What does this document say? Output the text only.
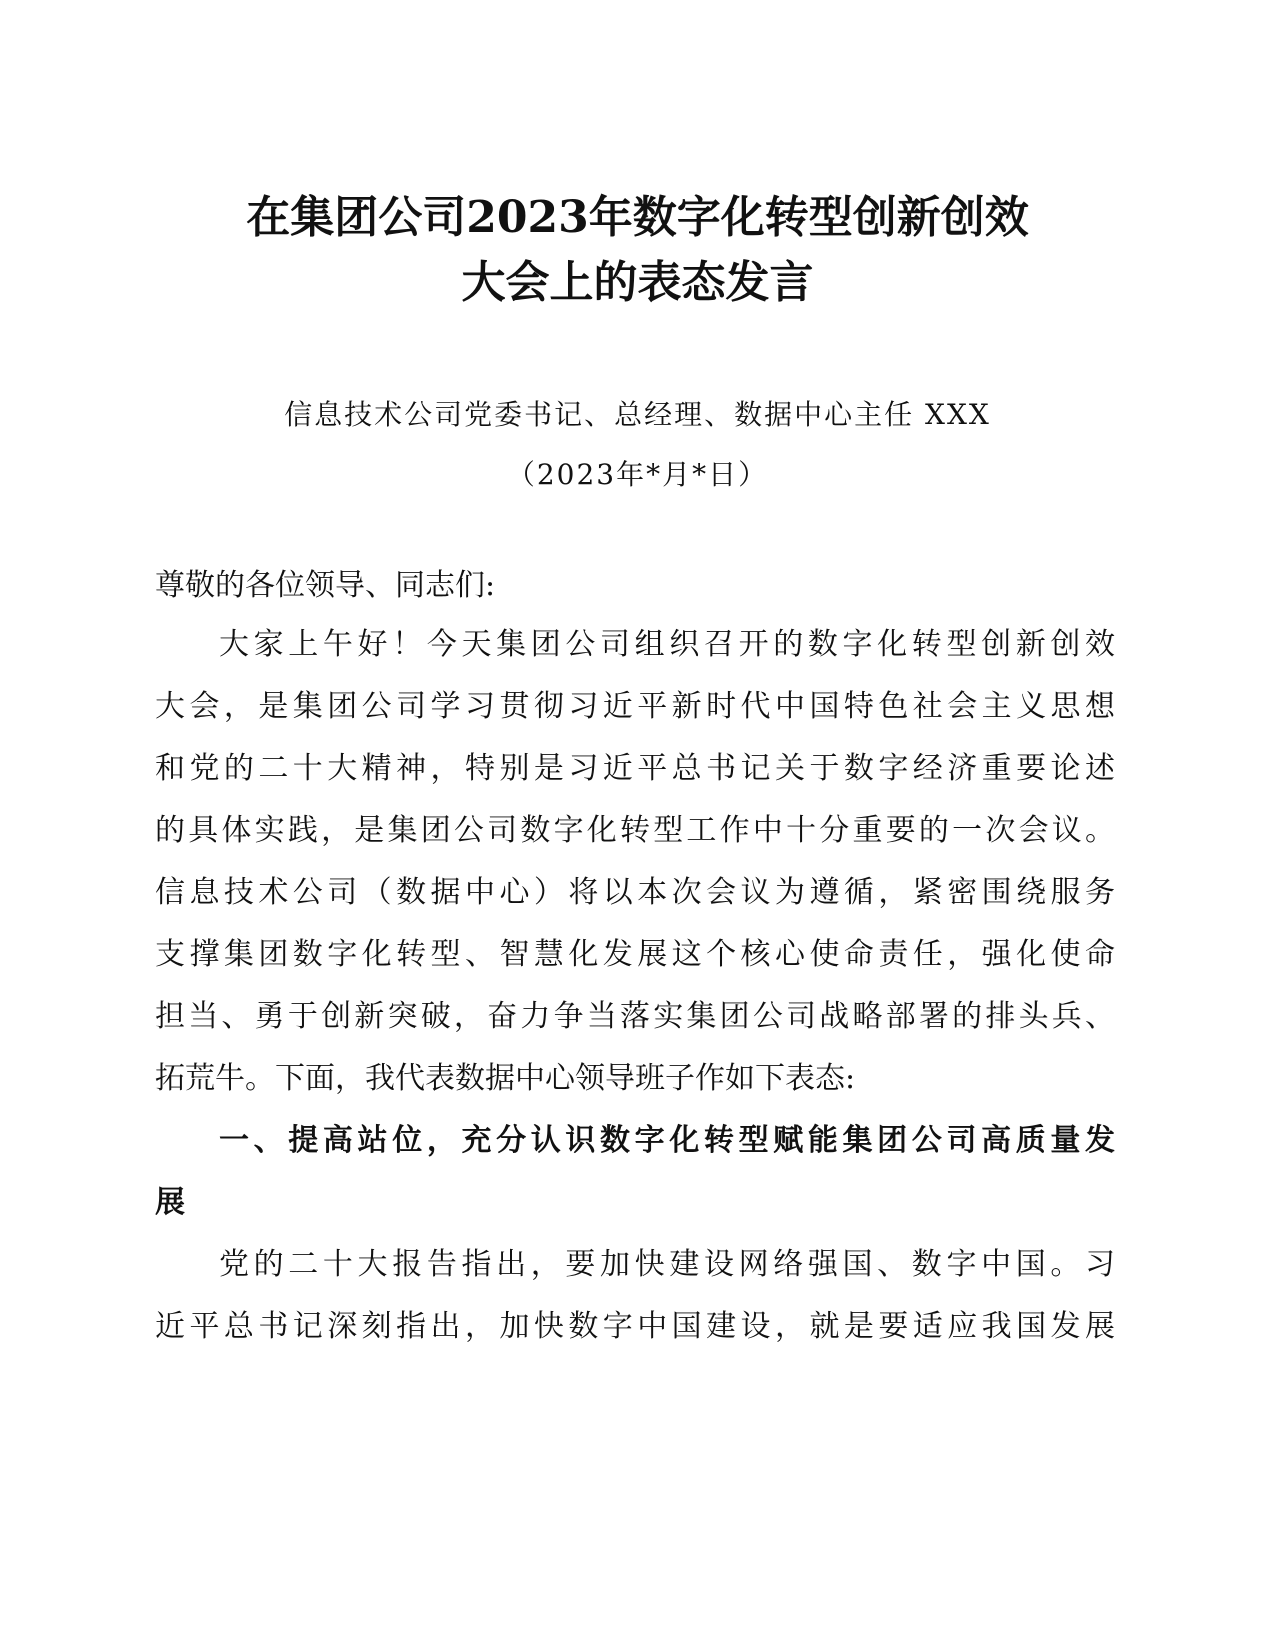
在集团公司2023年数字化转型创新创效
大会上的表态发言
信息技术公司党委书记、总经理、数据中心主任 XXX
（2023年*月*日）
尊敬的各位领导、同志们:
大家上午好！今天集团公司组织召开的数字化转型创新创效
大会，是集团公司学习贯彻习近平新时代中国特色社会主义思想
和党的二十大精神，特别是习近平总书记关于数字经济重要论述
的具体实践，是集团公司数字化转型工作中十分重要的一次会议。
信息技术公司（数据中心）将以本次会议为遵循，紧密围绕服务
支撑集团数字化转型、智慧化发展这个核心使命责任，强化使命
担当、勇于创新突破，奋力争当落实集团公司战略部署的排头兵、
拓荒牛。下面，我代表数据中心领导班子作如下表态:
一、提高站位，充分认识数字化转型赋能集团公司高质量发
展
党的二十大报告指出，要加快建设网络强国、数字中国。习
近平总书记深刻指出，加快数字中国建设，就是要适应我国发展
